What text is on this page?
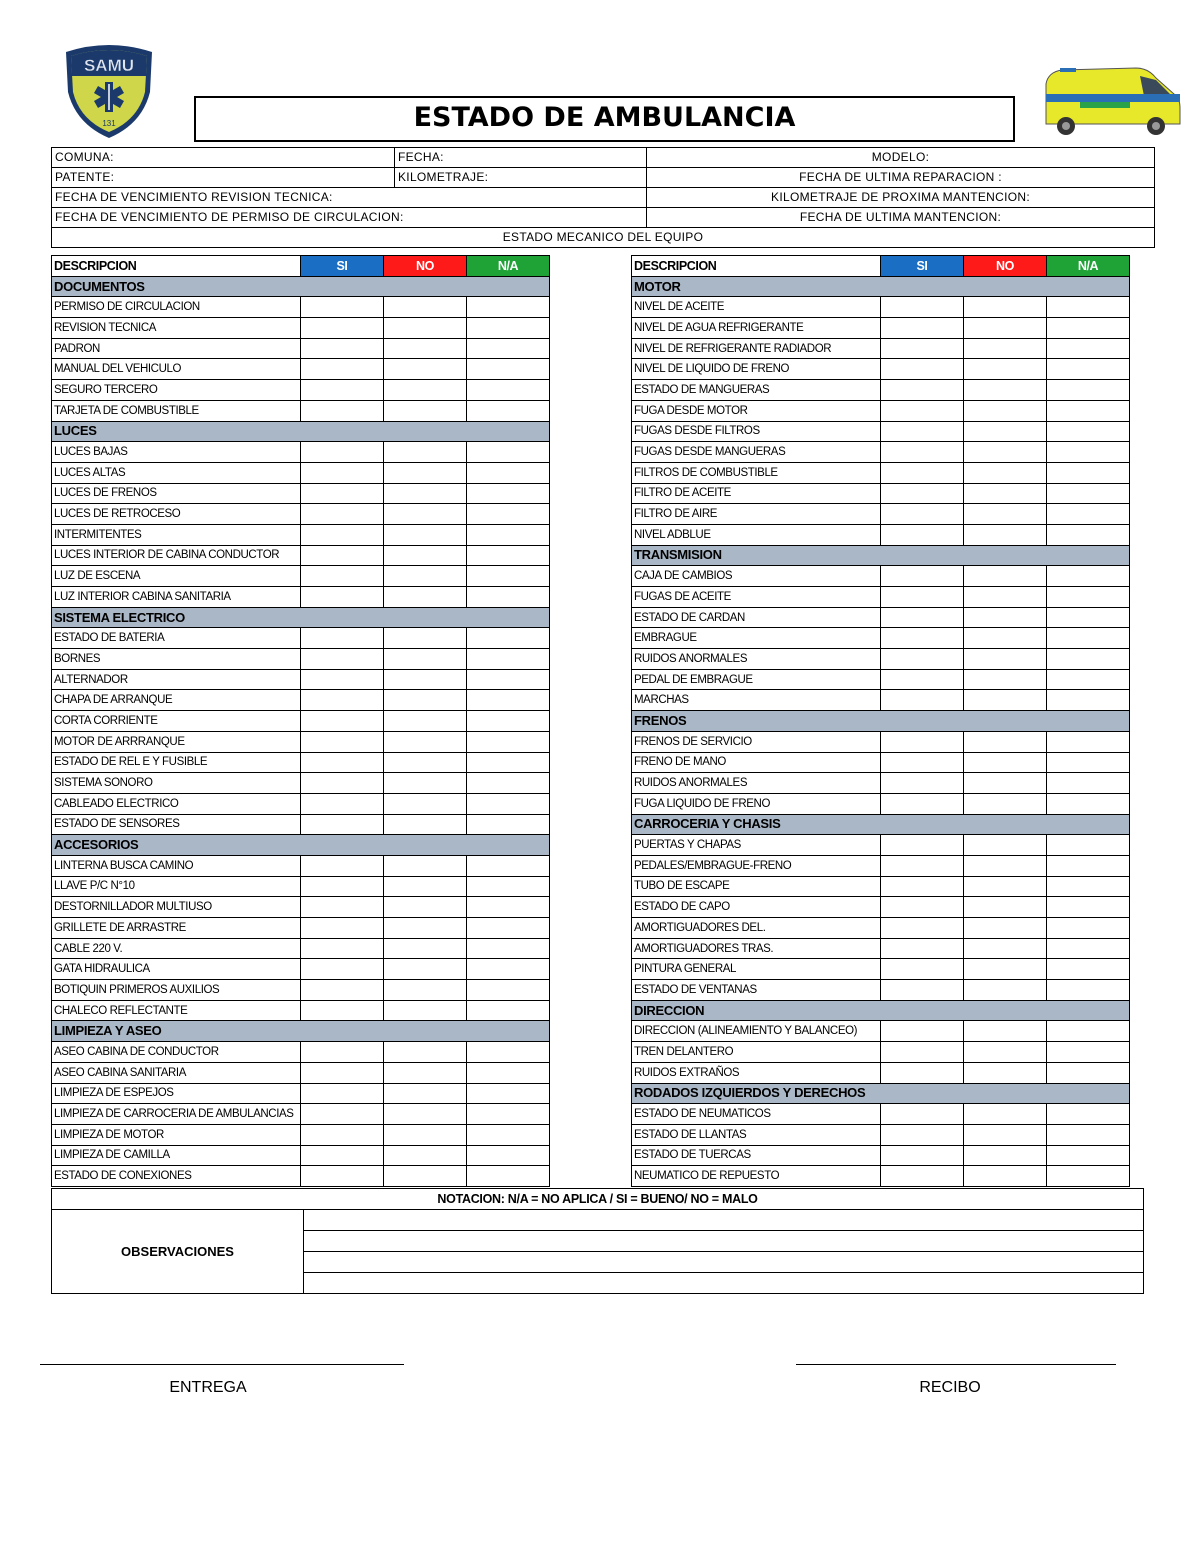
SAMU
131	ESTADO DE AMBULANCIA
COMUNA:	FECHA:	MODELO:
PATENTE:	KILOMETRAJE:	FECHA DE ULTIMA REPARACION :
FECHA DE VENCIMIENTO REVISION TECNICA:		KILOMETRAJE DE PROXIMA MANTENCION:
FECHA DE VENCIMIENTO DE PERMISO DE CIRCULACION:		FECHA DE ULTIMA MANTENCION:
ESTADO MECANICO DEL EQUIPO		
DESCRIPCION	SI	NO	N/A
DOCUMENTOS			
PERMISO DE CIRCULACION			
REVISION TECNICA			
PADRON			
MANUAL DEL VEHICULO			
SEGURO TERCERO			
TARJETA DE COMBUSTIBLE			
LUCES			
LUCES BAJAS			
LUCES ALTAS			
LUCES DE FRENOS			
LUCES DE RETROCESO			
INTERMITENTES			
LUCES INTERIOR DE CABINA CONDUCTOR			
LUZ DE ESCENA			
LUZ INTERIOR CABINA SANITARIA			
SISTEMA ELECTRICO			
ESTADO DE BATERIA			
BORNES			
ALTERNADOR			
CHAPA DE ARRANQUE			
CORTA CORRIENTE			
MOTOR DE ARRRANQUE			
ESTADO DE REL E Y FUSIBLE			
SISTEMA SONORO			
CABLEADO ELECTRICO			
ESTADO DE SENSORES			
ACCESORIOS			
LINTERNA BUSCA CAMINO			
LLAVE P/C N°10			
DESTORNILLADOR MULTIUSO			
GRILLETE DE ARRASTRE			
CABLE 220 V.			
GATA HIDRAULICA			
BOTIQUIN PRIMEROS AUXILIOS			
CHALECO REFLECTANTE			
LIMPIEZA Y ASEO			
ASEO CABINA DE CONDUCTOR			
ASEO CABINA SANITARIA			
LIMPIEZA DE ESPEJOS			
LIMPIEZA DE CARROCERIA DE AMBULANCIAS			
LIMPIEZA DE MOTOR			
LIMPIEZA DE CAMILLA			
ESTADO DE CONEXIONES			
DESCRIPCION	SI	NO	N/A
MOTOR			
NIVEL DE ACEITE			
NIVEL DE AGUA REFRIGERANTE			
NIVEL DE REFRIGERANTE RADIADOR			
NIVEL DE LIQUIDO DE FRENO			
ESTADO DE MANGUERAS			
FUGA DESDE MOTOR			
FUGAS DESDE FILTROS			
FUGAS DESDE MANGUERAS			
FILTROS DE COMBUSTIBLE			
FILTRO DE ACEITE			
FILTRO DE AIRE			
NIVEL ADBLUE			
TRANSMISION			
CAJA DE CAMBIOS			
FUGAS DE ACEITE			
ESTADO DE CARDAN			
EMBRAGUE			
RUIDOS ANORMALES			
PEDAL DE EMBRAGUE			
MARCHAS			
FRENOS			
FRENOS DE SERVICIO			
FRENO DE MANO			
RUIDOS ANORMALES			
FUGA LIQUIDO DE FRENO			
CARROCERIA Y CHASIS			
PUERTAS Y CHAPAS			
PEDALES/EMBRAGUE-FRENO			
TUBO DE ESCAPE			
ESTADO DE CAPO			
AMORTIGUADORES DEL.			
AMORTIGUADORES TRAS.			
PINTURA GENERAL			
ESTADO DE VENTANAS			
DIRECCION			
DIRECCION (ALINEAMIENTO Y BALANCEO)			
TREN DELANTERO			
RUIDOS EXTRAÑOS			
RODADOS IZQUIERDOS Y DERECHOS			
ESTADO DE NEUMATICOS			
ESTADO DE LLANTAS			
ESTADO DE TUERCAS			
NEUMATICO DE REPUESTO			
NOTACION: N/A = NO APLICA / SI = BUENO/ NO = MALO
OBSERVACIONES	

ENTREGA	RECIBO
